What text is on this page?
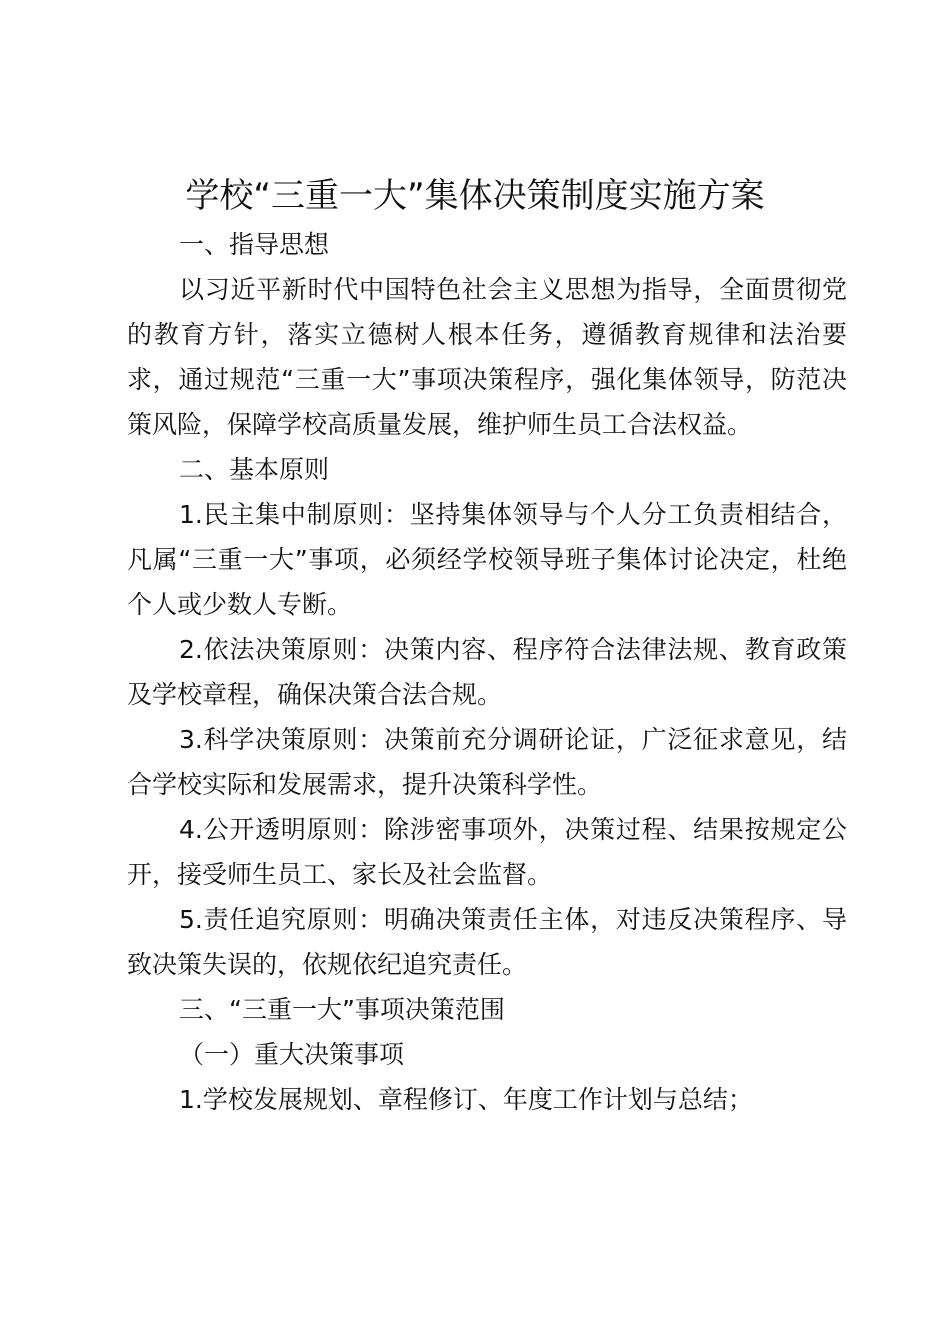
学校“三重一大”集体决策制度实施方案

一、指导思想

以习近平新时代中国特色社会主义思想为指导，全面贯彻党的教育方针，落实立德树人根本任务，遵循教育规律和法治要求，通过规范“三重一大”事项决策程序，强化集体领导，防范决策风险，保障学校高质量发展，维护师生员工合法权益。

二、基本原则

1.民主集中制原则：坚持集体领导与个人分工负责相结合，凡属“三重一大”事项，必须经学校领导班子集体讨论决定，杜绝个人或少数人专断。

2.依法决策原则：决策内容、程序符合法律法规、教育政策及学校章程，确保决策合法合规。

3.科学决策原则：决策前充分调研论证，广泛征求意见，结合学校实际和发展需求，提升决策科学性。

4.公开透明原则：除涉密事项外，决策过程、结果按规定公开，接受师生员工、家长及社会监督。

5.责任追究原则：明确决策责任主体，对违反决策程序、导致决策失误的，依规依纪追究责任。

三、“三重一大”事项决策范围

（一）重大决策事项

1.学校发展规划、章程修订、年度工作计划与总结；
